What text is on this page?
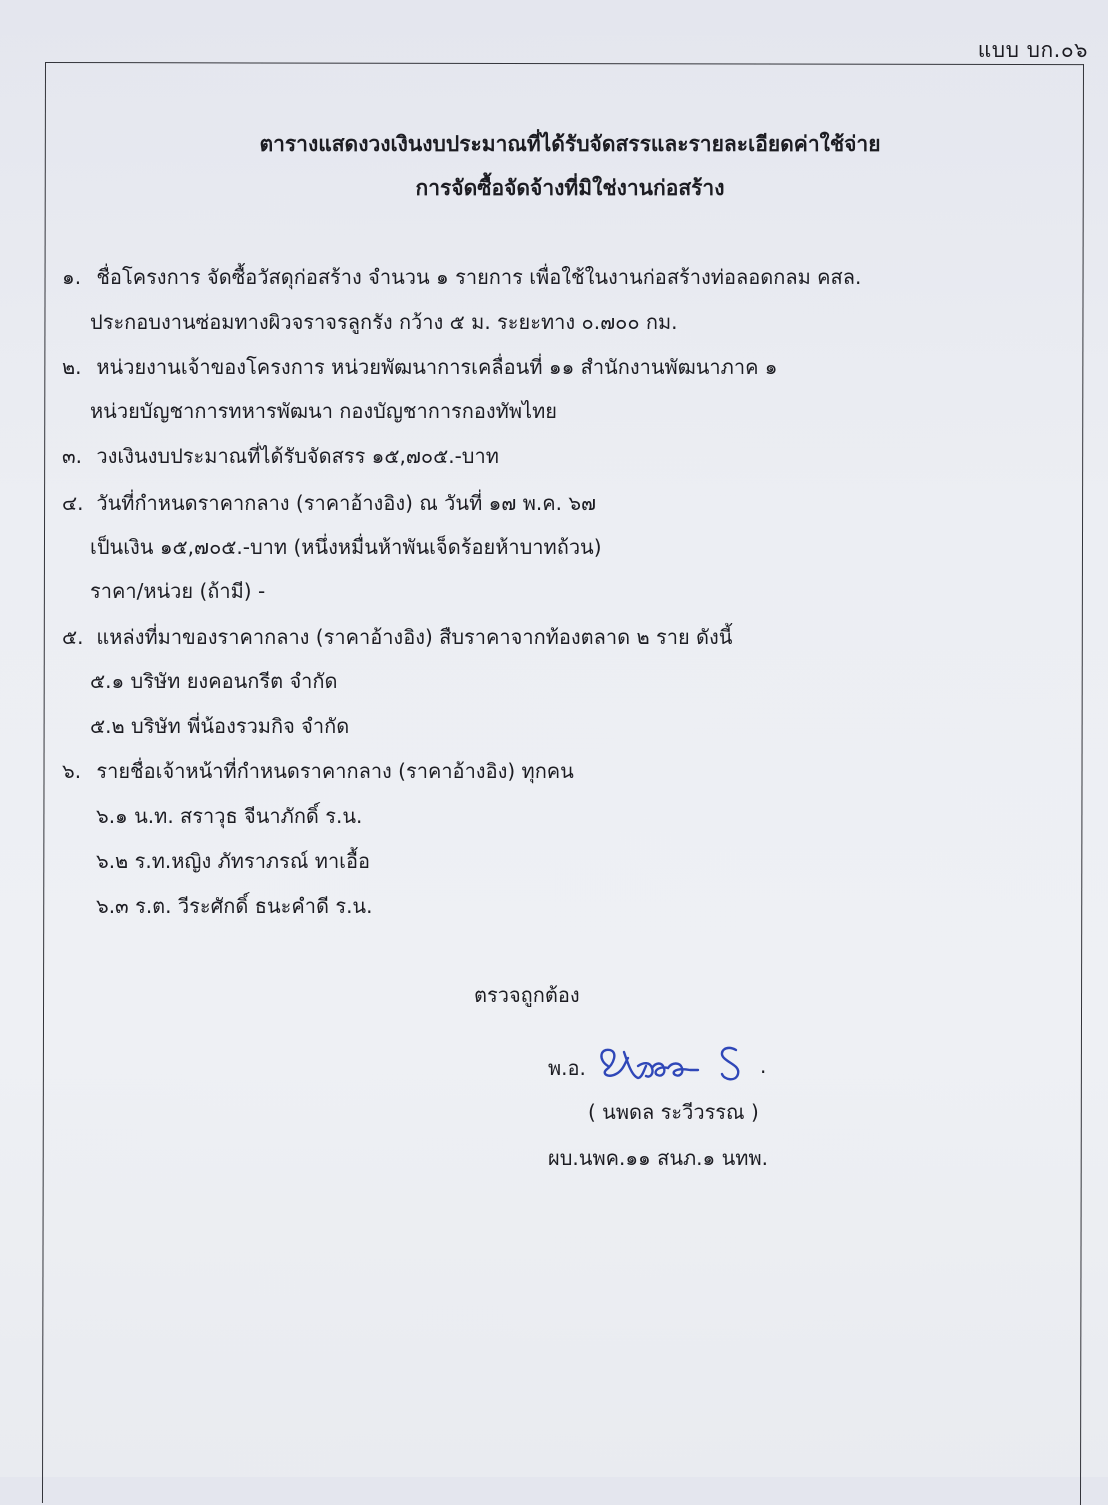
แบบ บก.๐๖
ตารางแสดงวงเงินงบประมาณที่ได้รับจัดสรรและรายละเอียดค่าใช้จ่าย
การจัดซื้อจัดจ้างที่มิใช่งานก่อสร้าง
๑. ชื่อโครงการ จัดซื้อวัสดุก่อสร้าง จำนวน ๑ รายการ เพื่อใช้ในงานก่อสร้างท่อลอดกลม คสล.
ประกอบงานซ่อมทางผิวจราจรลูกรัง กว้าง ๕ ม. ระยะทาง ๐.๗๐๐ กม.
๒. หน่วยงานเจ้าของโครงการ หน่วยพัฒนาการเคลื่อนที่ ๑๑ สำนักงานพัฒนาภาค ๑
หน่วยบัญชาการทหารพัฒนา กองบัญชาการกองทัพไทย
๓. วงเงินงบประมาณที่ได้รับจัดสรร ๑๕,๗๐๕.-บาท
๔. วันที่กำหนดราคากลาง (ราคาอ้างอิง) ณ วันที่ ๑๗ พ.ค. ๖๗
เป็นเงิน ๑๕,๗๐๕.-บาท (หนึ่งหมื่นห้าพันเจ็ดร้อยห้าบาทถ้วน)
ราคา/หน่วย (ถ้ามี) -
๕. แหล่งที่มาของราคากลาง (ราคาอ้างอิง) สืบราคาจากท้องตลาด ๒ ราย ดังนี้
๕.๑ บริษัท ยงคอนกรีต จำกัด
๕.๒ บริษัท พี่น้องรวมกิจ จำกัด
๖. รายชื่อเจ้าหน้าที่กำหนดราคากลาง (ราคาอ้างอิง) ทุกคน
๖.๑ น.ท. สราวุธ จีนาภักดิ์ ร.น.
๖.๒ ร.ท.หญิง ภัทราภรณ์ ทาเอื้อ
๖.๓ ร.ต. วีระศักดิ์ ธนะคำดี ร.น.
ตรวจถูกต้อง
พ.อ.	.
( นพดล ระวีวรรณ )
ผบ.นพค.๑๑ สนภ.๑ นทพ.
